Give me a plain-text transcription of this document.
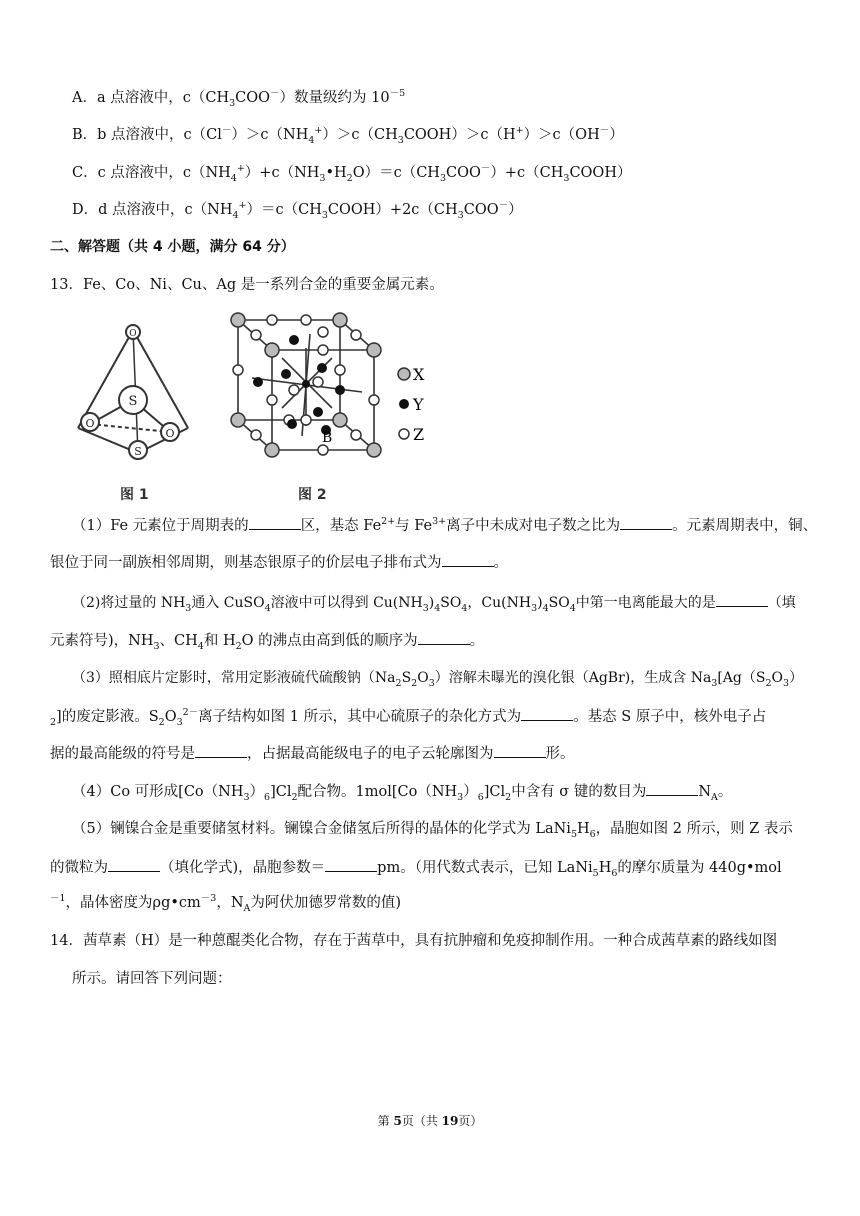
A．a 点溶液中，$c(CH_3COO^-)$数量级约为 $10^{-5}$
B．b 点溶液中，$c(Cl^-)>c(NH_4^+)>c(CH_3COOH)>c(H^+)>c(OH^-)$
C．c 点溶液中，$c(NH_4^+)+c(NH_3•H_2O)=c(CH_3COO^-)+c(CH_3COOH)$
D．d 点溶液中，$c(NH_4^+)=c(CH_3COOH)+2c(CH_3COO^-)$
二、解答题（共 4 小题，满分 64 分）
13．Fe、Co、Ni、Cu、Ag 是一系列合金的重要金属元素。
O
S
O
O
S
B
X
Y
Z
图 1	图 2
（1）Fe 元素位于周期表的	区，基态 $Fe^{2+}$与 $Fe^{3+}$离子中未成对电子数之比为	。元素周期表中，铜、
银位于同一副族相邻周期，则基态银原子的价层电子排布式为	。
（2)将过量的 $NH_3$通入 CuSO$_4$溶液中可以得到 $Cu(NH_3)_4SO_4$，$Cu(NH_3)_4SO_4$中第一电离能最大的是	（填
元素符号)，$NH_3$、$CH_4$和 $H_2O$ 的沸点由高到低的顺序为	。
（3）照相底片定影时，常用定影液硫代硫酸钠$(Na_2S_2O_3)$溶解未曝光的溴化银（AgBr)，生成含 $Na_3[Ag(S_2O_3)$
$_2$]的废定影液。$S_2O_3^{2-}$离子结构如图 1 所示，其中心硫原子的杂化方式为	。基态 S 原子中，核外电子占
据的最高能级的符号是	，占据最高能级电子的电子云轮廓图为	形。
（4）Co 可形成$[Co(NH_3)_6]Cl_2$配合物。$1mol[Co(NH_3)_6]Cl_2$中含有 σ 键的数目为	$N_A$。
（5）镧镍合金是重要储氢材料。镧镍合金储氢后所得的晶体的化学式为 $LaNi_5H_6$，晶胞如图 2 所示，则 Z 表示
的微粒为	（填化学式)，晶胞参数＝	pm。（用代数式表示，已知 $LaNi_5H_6$的摩尔质量为 440g•mol
$^{-1}$，晶体密度为$\rho g•cm^{-3}$，$N_A$为阿伏加德罗常数的值)
14．茜草素（H）是一种蒽醌类化合物，存在于茜草中，具有抗肿瘤和免疫抑制作用。一种合成茜草素的路线如图
所示。请回答下列问题：
第 5页（共 19页）
